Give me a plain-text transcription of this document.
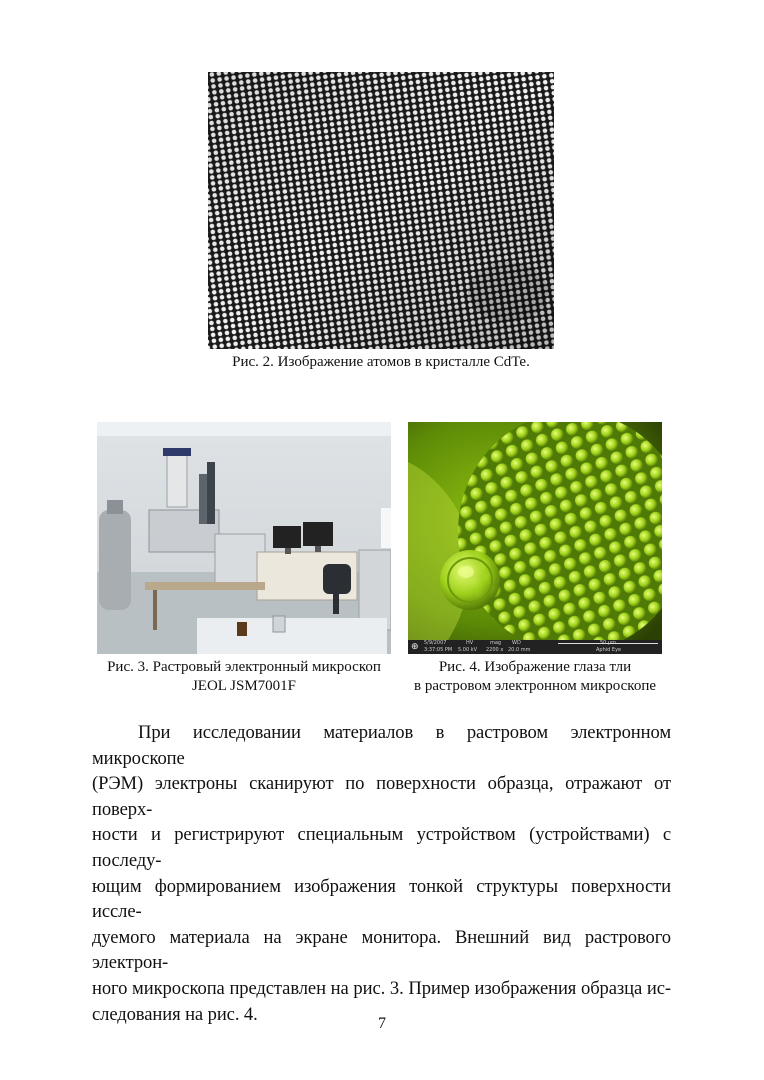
Рис. 2. Изображение атомов в кристалле CdTe.
Рис. 3. Растровый электронный микроскоп
JEOL JSM7001F
⊕ 5/9/2007
3:37:05 PM
HV
5.00 kV
mag
2200 x
WD
20.0 mm	Aphid Eye
Рис. 4. Изображение глаза тли
в растровом электронном микроскопе

При исследовании материалов в растровом электронном микроскопе
(РЭМ) электроны сканируют по поверхности образца, отражают от поверх-
ности и регистрируют специальным устройством (устройствами) с последу-
ющим формированием изображения тонкой структуры поверхности иссле-
дуемого материала на экране монитора. Внешний вид растрового электрон-
ного микроскопа представлен на рис. 3. Пример изображения образца ис-
следования на рис. 4.	7
